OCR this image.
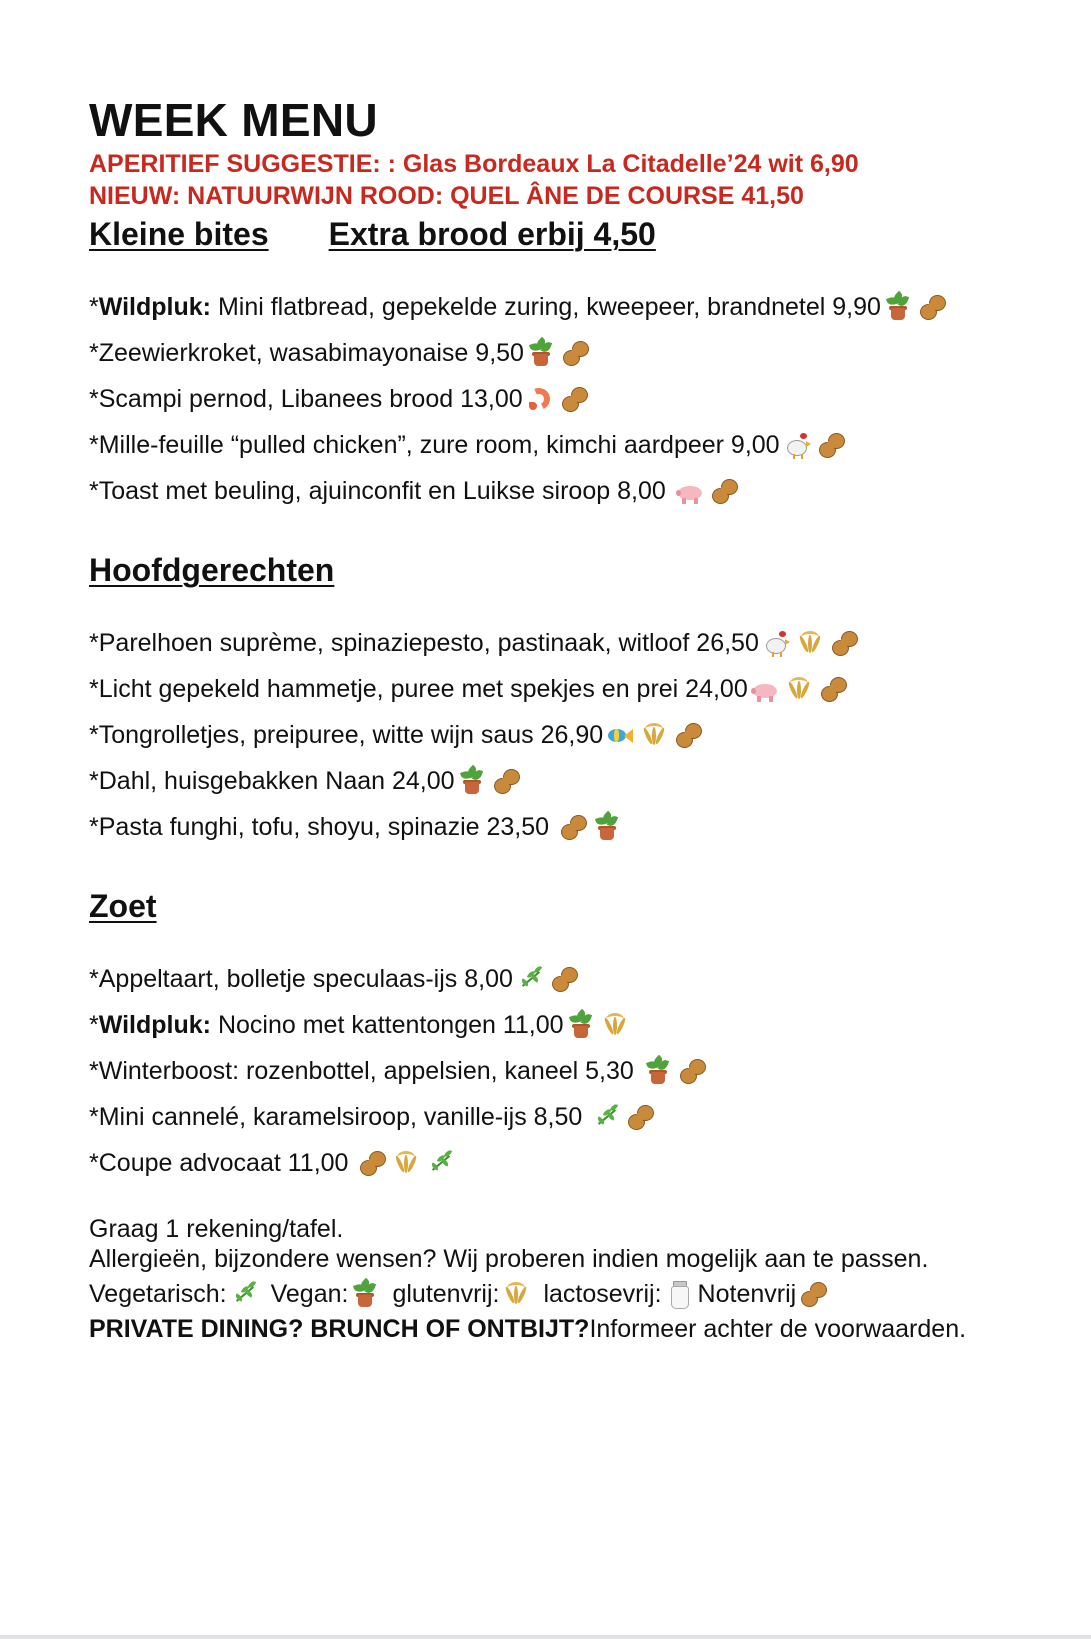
WEEK MENU
APERITIEF SUGGESTIE: : Glas Bordeaux La Citadelle’24 wit 6,90
NIEUW: NATUURWIJN ROOD: QUEL ÂNE DE COURSE 41,50
Kleine bites Extra brood erbij 4,50
* Wildpluk: Mini flatbread, gepekelde zuring, kweepeer, brandnetel 9,90
* Zeewierkroket, wasabimayonaise 9,50
* Scampi pernod, Libanees brood 13,00
* Mille-feuille “pulled chicken”, zure room, kimchi aardpeer 9,00
* Toast met beuling, ajuinconfit en Luikse siroop 8,00
Hoofdgerechten
* Parelhoen suprème, spinaziepesto, pastinaak, witloof 26,50
* Licht gepekeld hammetje, puree met spekjes en prei 24,00
* Tongrolletjes, preipuree, witte wijn saus 26,90
* Dahl, huisgebakken Naan 24,00
* Pasta funghi, tofu, shoyu, spinazie 23,50
Zoet
* Appeltaart, bolletje speculaas-ijs 8,00
* Wildpluk: Nocino met kattentongen 11,00
* Winterboost: rozenbottel, appelsien, kaneel 5,30
* Mini cannelé, karamelsiroop, vanille-ijs 8,50
* Coupe advocaat 11,00
Graag 1 rekening/tafel.
Allergieën, bijzondere wensen? Wij proberen indien mogelijk aan te passen.
Vegetarisch: Vegan: glutenvrij: lactosevrij: Notenvrij
PRIVATE DINING? BRUNCH OF ONTBIJT?Informeer achter de voorwaarden.
